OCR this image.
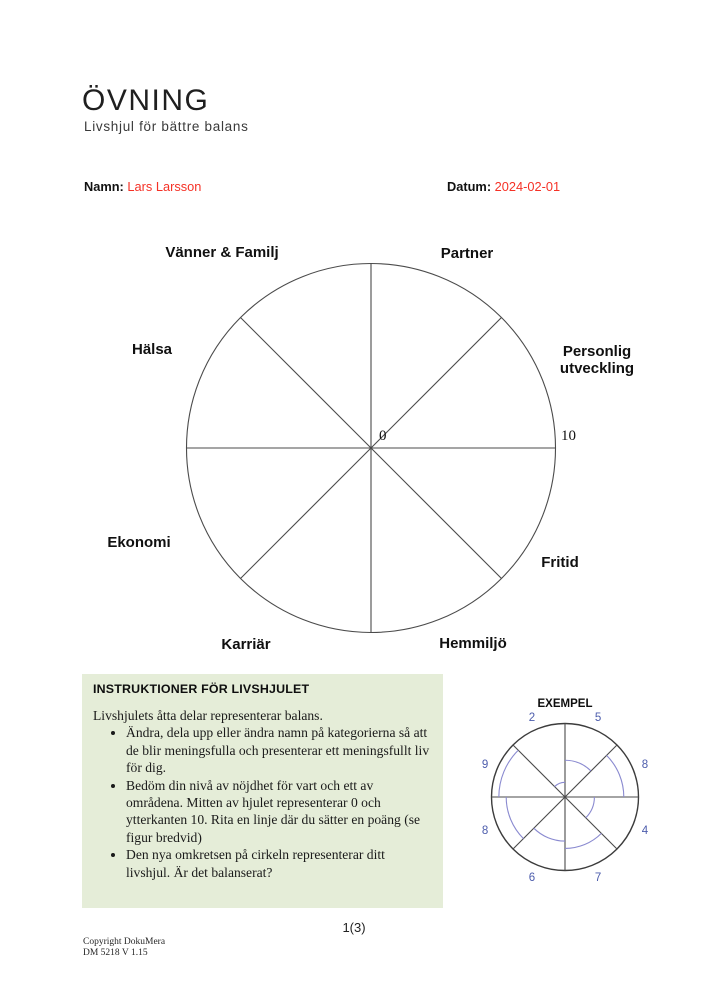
ÖVNING
Livshjul för bättre balans
Namn: Lars Larsson	Datum: 2024-02-01
Partner
Personlig utveckling
Fritid
Hemmiljö
Karriär
Ekonomi
Hälsa
Vänner & Familj
0	10
INSTRUKTIONER FÖR LIVSHJULET
Livshjulets åtta delar representerar balans.
• Ändra, dela upp eller ändra namn på kategorierna så att de blir meningsfulla och presenterar ett meningsfullt liv för dig.
• Bedöm din nivå av nöjdhet för vart och ett av områdena. Mitten av hjulet representerar 0 och ytterkanten 10. Rita en linje där du sätter en poäng (se figur bredvid)
• Den nya omkretsen på cirkeln representerar ditt livshjul. Är det balanserat?
EXEMPEL
5
8
4
7
6
8
9
2
1(3)
Copyright DokuMera
DM 5218 V 1.15
